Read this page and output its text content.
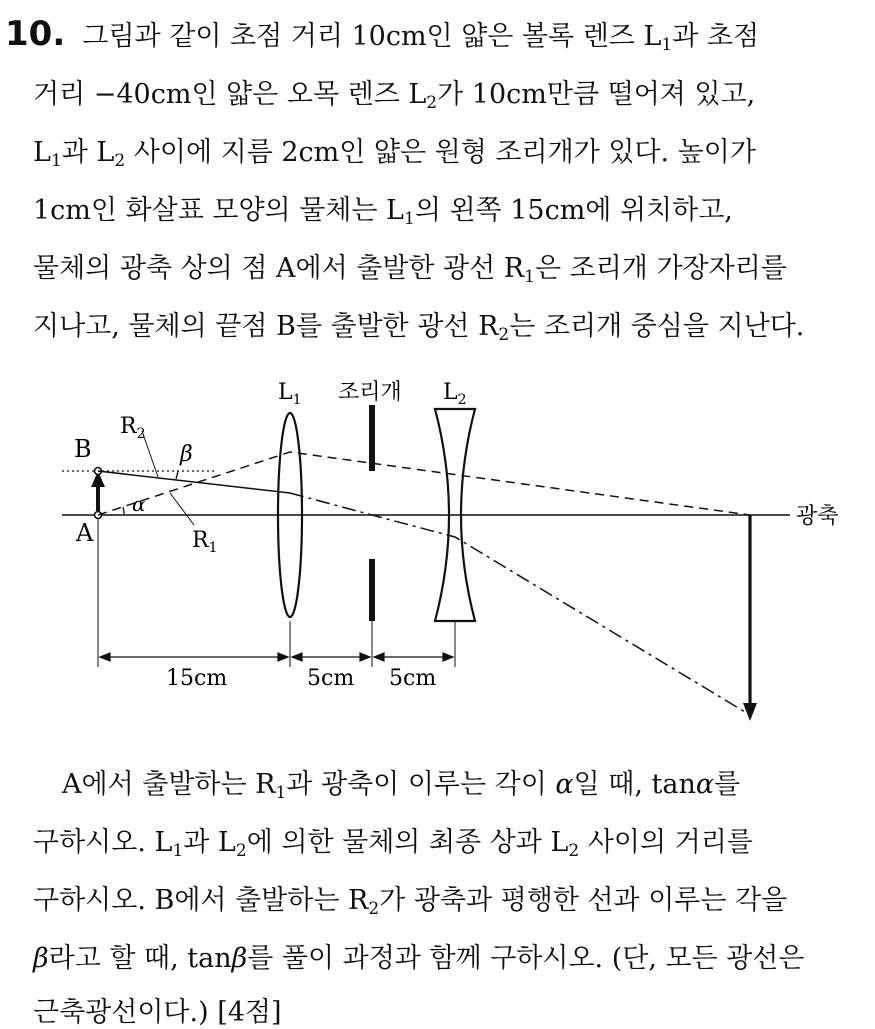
10.  그림과 같이 초점 거리 10cm인 얇은 볼록 렌즈 $L_1$과 초점
거리 −40cm인 얇은 오목 렌즈 $L_2$가 10cm만큼 떨어져 있고,
$L_1$과 $L_2$ 사이에 지름 2cm인 얇은 원형 조리개가 있다. 높이가
1cm인 화살표 모양의 물체는 $L_1$의 왼쪽 15cm에 위치하고,
물체의 광축 상의 점 A에서 출발한 광선 $R_1$은 조리개 가장자리를
지나고, 물체의 끝점 B를 출발한 광선 $R_2$는 조리개 중심을 지난다.
광축
B
A
α
β
$R_2$
$R_1$
$L_1$ 조리개 $L_2$
15cm	5cm 5cm
A에서 출발하는 $R_1$과 광축이 이루는 각이 α일 때, tanα를
구하시오. $L_1$과 $L_2$에 의한 물체의 최종 상과 $L_2$ 사이의 거리를
구하시오. B에서 출발하는 $R_2$가 광축과 평행한 선과 이루는 각을
β라고 할 때, tanβ를 풀이 과정과 함께 구하시오. (단, 모든 광선은
근축광선이다.) [4점]
